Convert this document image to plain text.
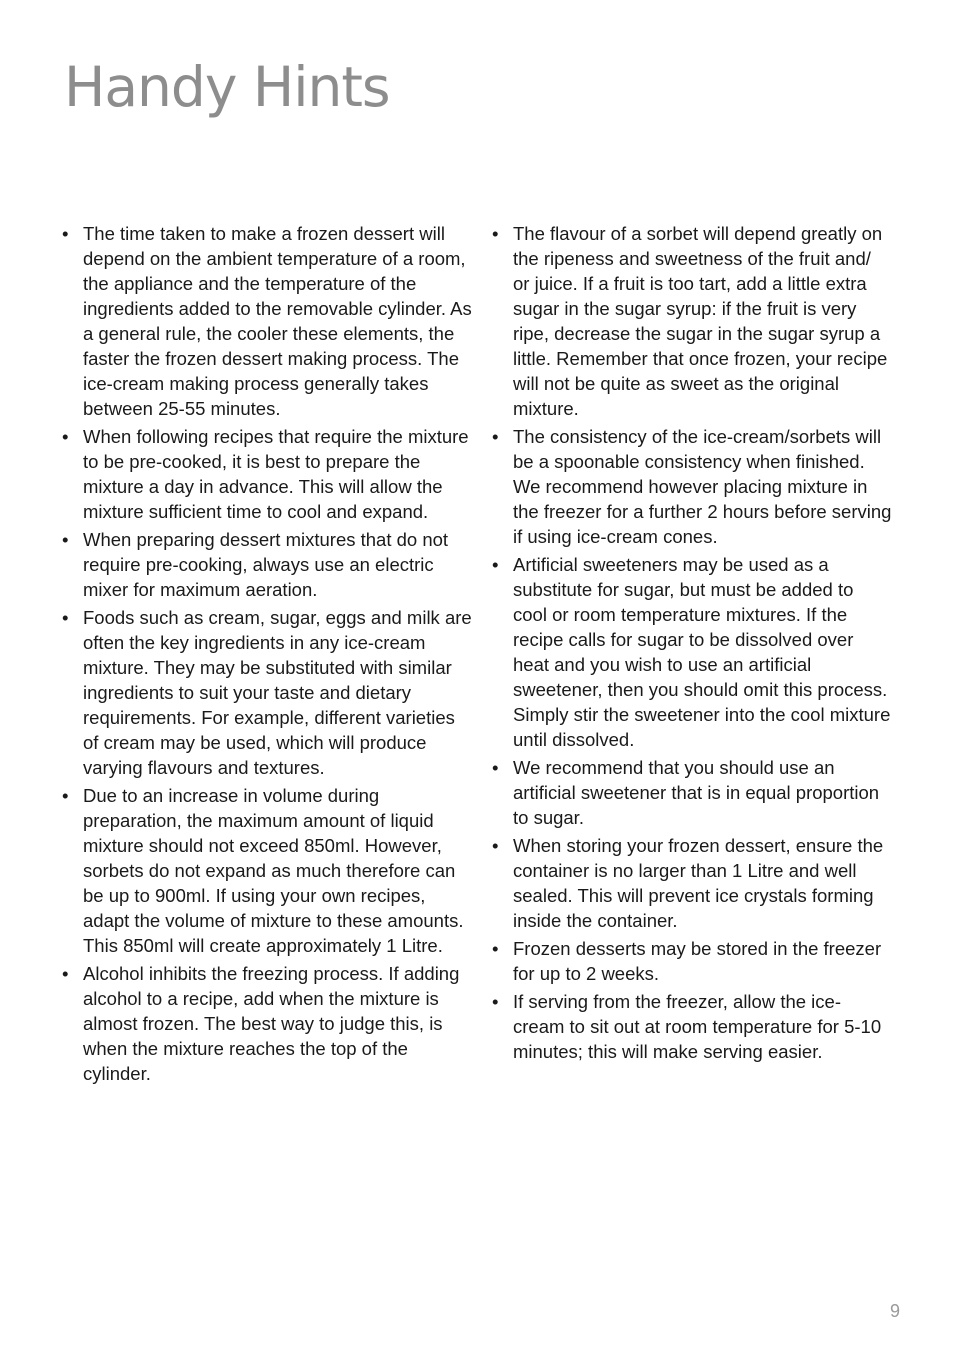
Handy Hints
• The time taken to make a frozen dessert will depend on the ambient temperature of a room, the appliance and the temperature of the ingredients added to the removable cylinder. As a general rule, the cooler these elements, the faster the frozen dessert making process. The ice-cream making process generally takes between 25-55 minutes.
• When following recipes that require the mixture to be pre-cooked, it is best to prepare the mixture a day in advance. This will allow the mixture sufficient time to cool and expand.
• When preparing dessert mixtures that do not require pre-cooking, always use an electric mixer for maximum aeration.
• Foods such as cream, sugar, eggs and milk are often the key ingredients in any ice-cream mixture. They may be substituted with similar ingredients to suit your taste and dietary requirements. For example, different varieties of cream may be used, which will produce varying flavours and textures.
• Due to an increase in volume during preparation, the maximum amount of liquid mixture should not exceed 850ml. However, sorbets do not expand as much therefore can be up to 900ml. If using your own recipes, adapt the volume of mixture to these amounts. This 850ml will create approximately 1 Litre.
• Alcohol inhibits the freezing process. If adding alcohol to a recipe, add when the mixture is almost frozen. The best way to judge this, is when the mixture reaches the top of the cylinder.
• The flavour of a sorbet will depend greatly on the ripeness and sweetness of the fruit and/ or juice. If a fruit is too tart, add a little extra sugar in the sugar syrup: if the fruit is very ripe, decrease the sugar in the sugar syrup a little. Remember that once frozen, your recipe will not be quite as sweet as the original mixture.
• The consistency of the ice-cream/sorbets will be a spoonable consistency when finished. We recommend however placing mixture in the freezer for a further 2 hours before serving if using ice-cream cones.
• Artificial sweeteners may be used as a substitute for sugar, but must be added to cool or room temperature mixtures. If the recipe calls for sugar to be dissolved over heat and you wish to use an artificial sweetener, then you should omit this process. Simply stir the sweetener into the cool mixture until dissolved.
• We recommend that you should use an artificial sweetener that is in equal proportion to sugar.
• When storing your frozen dessert, ensure the container is no larger than 1 Litre and well sealed. This will prevent ice crystals forming inside the container.
• Frozen desserts may be stored in the freezer for up to 2 weeks.
• If serving from the freezer, allow the ice-cream to sit out at room temperature for 5-10 minutes; this will make serving easier.
9
